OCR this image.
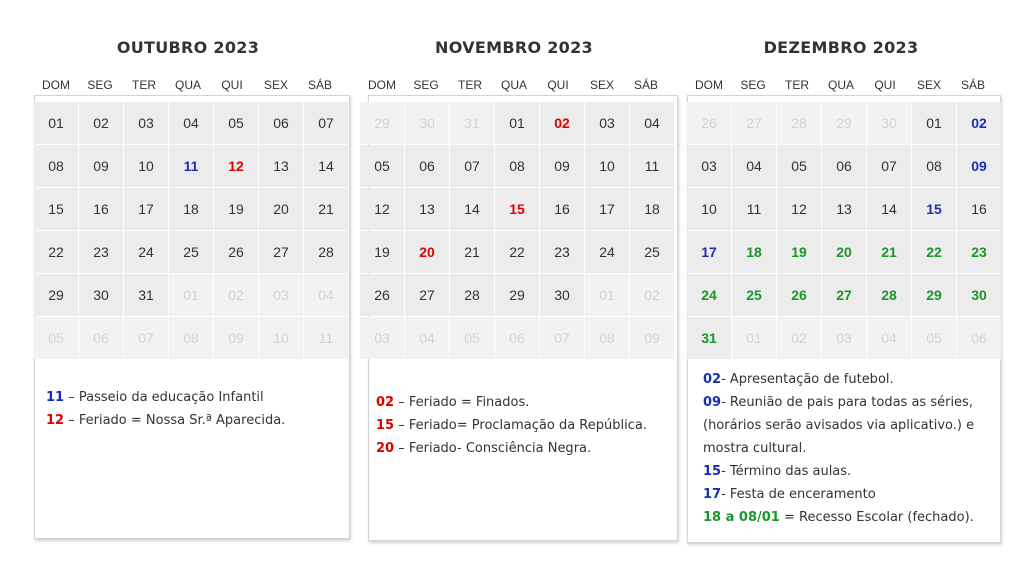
OUTUBRO 2023
DOM	SEG	TER	QUA	QUI	SEX	SÁB
01	02	03	04	05	06	07
08	09	10	11	12	13	14
15	16	17	18	19	20	21
22	23	24	25	26	27	28
29	30	31	01	02	03	04
05	06	07	08	09	10	11
11 – Passeio da educação Infantil
12 – Feriado = Nossa Sr.ª Aparecida.
NOVEMBRO 2023
DOM	SEG	TER	QUA	QUI	SEX	SÁB
29	30	31	01	02	03	04
05	06	07	08	09	10	11
12	13	14	15	16	17	18
19	20	21	22	23	24	25
26	27	28	29	30	01	02
03	04	05	06	07	08	09
02 – Feriado = Finados.
15 – Feriado= Proclamação da República.
20 – Feriado- Consciência Negra.
DEZEMBRO 2023
DOM	SEG	TER	QUA	QUI	SEX	SÁB
26	27	28	29	30	01	02
03	04	05	06	07	08	09
10	11	12	13	14	15	16
17	18	19	20	21	22	23
24	25	26	27	28	29	30
31	01	02	03	04	05	06
02- Apresentação de futebol.
09- Reunião de pais para todas as séries,
(horários serão avisados via aplicativo.) e
mostra cultural.
15- Término das aulas.
17- Festa de enceramento
18 a 08/01 = Recesso Escolar (fechado).
